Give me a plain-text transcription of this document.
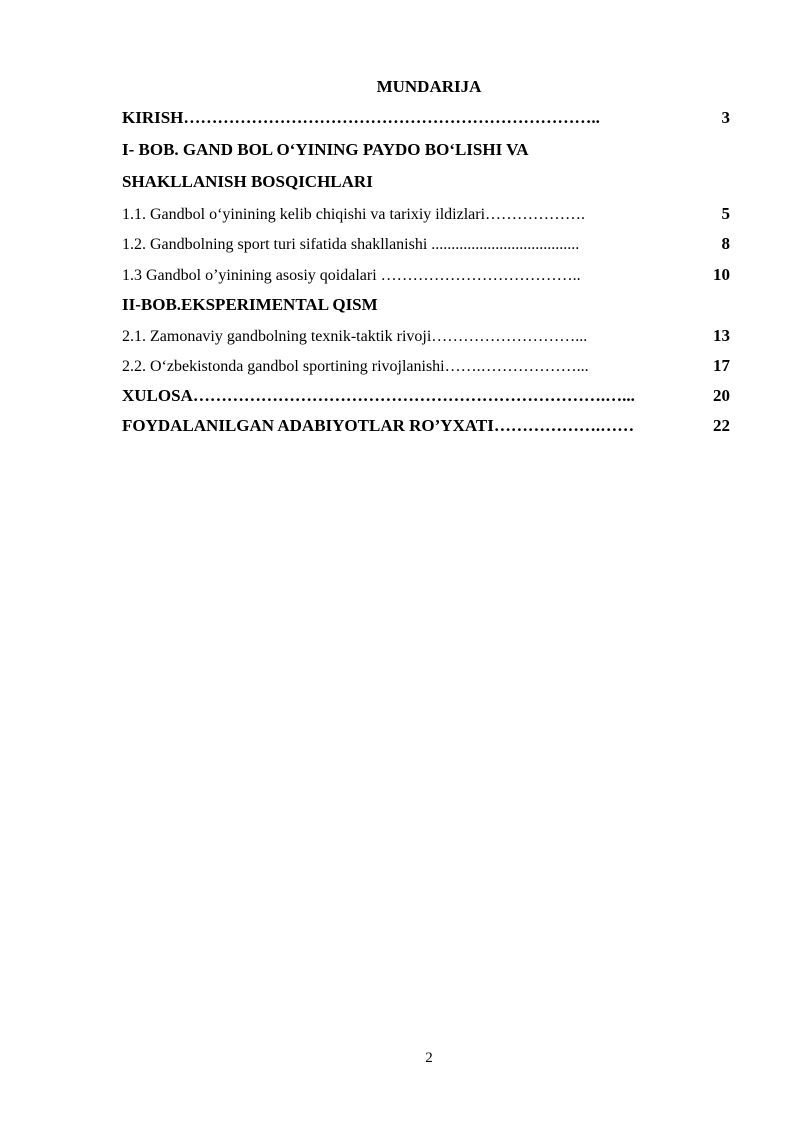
MUNDARIJA
KIRISH………………………………………………………………..	3
I- BOB. GAND BOL O‘YINING PAYDO BO‘LISHI VA
SHAKLLANISH BOSQICHLARI
1.1. Gandbol o‘yinining kelib chiqishi va tarixiy ildizlari……………….	5
1.2. Gandbolning sport turi sifatida shakllanishi .....................................	8
1.3 Gandbol o’yinining asosiy qoidalari ………………………………..	10
II-BOB.EKSPERIMENTAL QISM
2.1. Zamonaviy gandbolning texnik-taktik rivoji………………………...	13
2.2. O‘zbekistonda gandbol sportining rivojlanishi…….………………...	17
XULOSA……………………………………………………………….…...	20
FOYDALANILGAN ADABIYOTLAR RO’YXATI……………….……	22
2
